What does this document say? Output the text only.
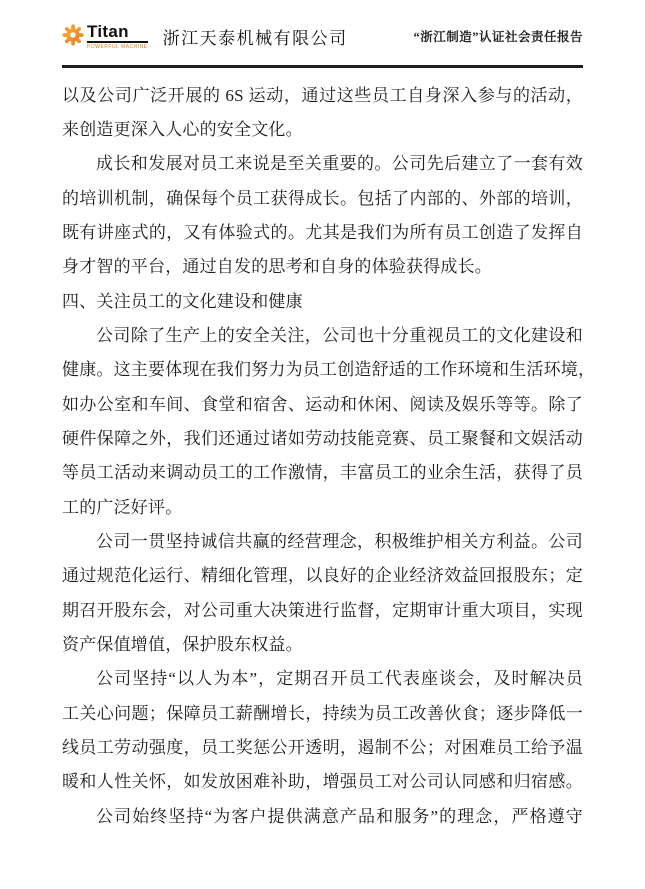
Titan
POWERFUL MACHINE 浙江天泰机械有限公司	“浙江制造”认证社会责任报告
以及公司广泛开展的 6S 运动，通过这些员工自身深入参与的活动，
来创造更深入人心的安全文化。
成长和发展对员工来说是至关重要的。公司先后建立了一套有效
的培训机制，确保每个员工获得成长。包括了内部的、外部的培训，
既有讲座式的，又有体验式的。尤其是我们为所有员工创造了发挥自
身才智的平台，通过自发的思考和自身的体验获得成长。
四、关注员工的文化建设和健康
公司除了生产上的安全关注，公司也十分重视员工的文化建设和
健康。这主要体现在我们努力为员工创造舒适的工作环境和生活环境，
如办公室和车间、食堂和宿舍、运动和休闲、阅读及娱乐等等。除了
硬件保障之外，我们还通过诸如劳动技能竞赛、员工聚餐和文娱活动
等员工活动来调动员工的工作激情，丰富员工的业余生活，获得了员
工的广泛好评。
公司一贯坚持诚信共赢的经营理念，积极维护相关方利益。公司
通过规范化运行、精细化管理，以良好的企业经济效益回报股东；定
期召开股东会，对公司重大决策进行监督，定期审计重大项目，实现
资产保值增值，保护股东权益。
公司坚持“以人为本”，定期召开员工代表座谈会，及时解决员
工关心问题；保障员工薪酬增长，持续为员工改善伙食；逐步降低一
线员工劳动强度，员工奖惩公开透明，遏制不公；对困难员工给予温
暖和人性关怀，如发放困难补助，增强员工对公司认同感和归宿感。
公司始终坚持“为客户提供满意产品和服务”的理念，严格遵守
